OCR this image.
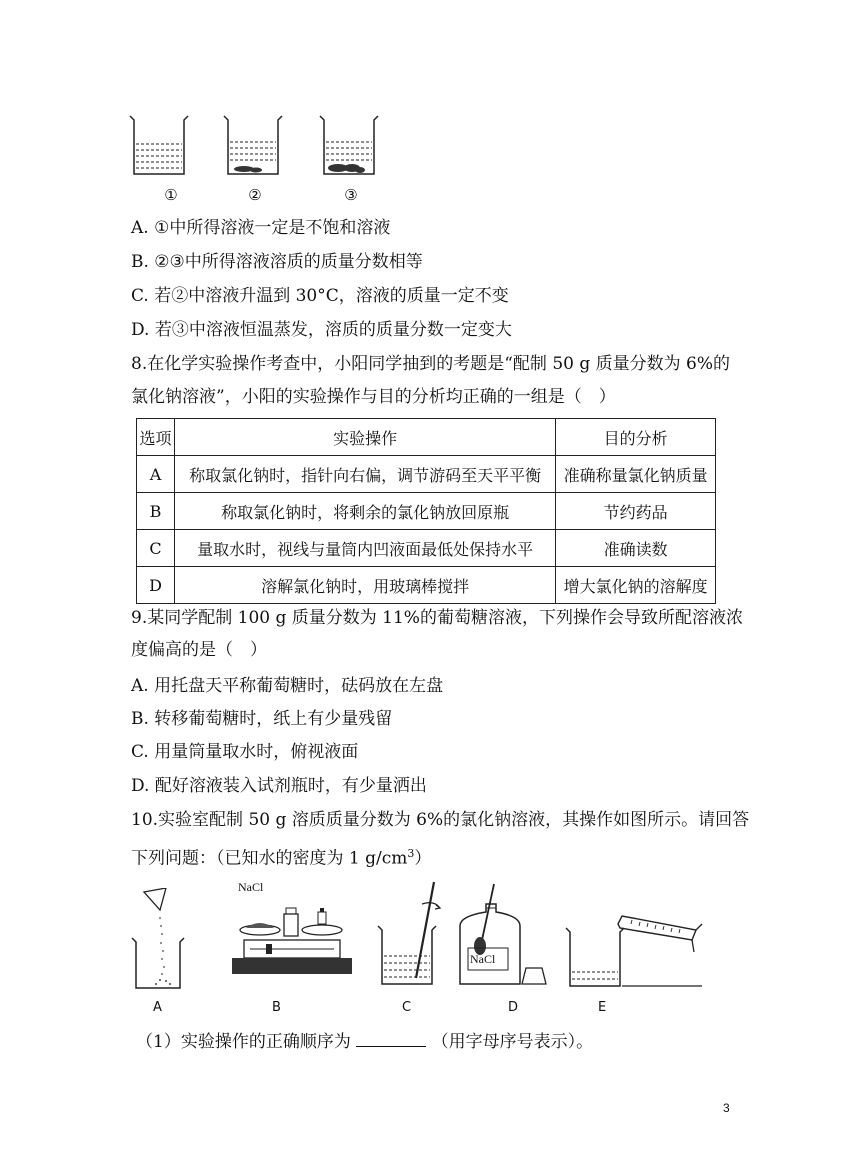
①	②	③
A. ①中所得溶液一定是不饱和溶液
B. ②③中所得溶液溶质的质量分数相等
C. 若②中溶液升温到 30°C，溶液的质量一定不变
D. 若③中溶液恒温蒸发，溶质的质量分数一定变大
8.在化学实验操作考查中，小阳同学抽到的考题是“配制 50 g 质量分数为 6%的
氯化钠溶液”，小阳的实验操作与目的分析均正确的一组是（　）
选项	实验操作	目的分析
A	称取氯化钠时，指针向右偏，调节游码至天平平衡	准确称量氯化钠质量
B	称取氯化钠时，将剩余的氯化钠放回原瓶	节约药品
C	量取水时，视线与量筒内凹液面最低处保持水平	准确读数
D	溶解氯化钠时，用玻璃棒搅拌	增大氯化钠的溶解度
9.某同学配制 100 g 质量分数为 11%的葡萄糖溶液，下列操作会导致所配溶液浓
度偏高的是（　）
A. 用托盘天平称葡萄糖时，砝码放在左盘
B. 转移葡萄糖时，纸上有少量残留
C. 用量筒量取水时，俯视液面
D. 配好溶液装入试剂瓶时，有少量洒出
10.实验室配制 50 g 溶质质量分数为 6%的氯化钠溶液，其操作如图所示。请回答
下列问题：（已知水的密度为 1 $g/cm^3$）
A
NaCl
B	C
NaCl
D	E
（1）实验操作的正确顺序为	（用字母序号表示）。
3
